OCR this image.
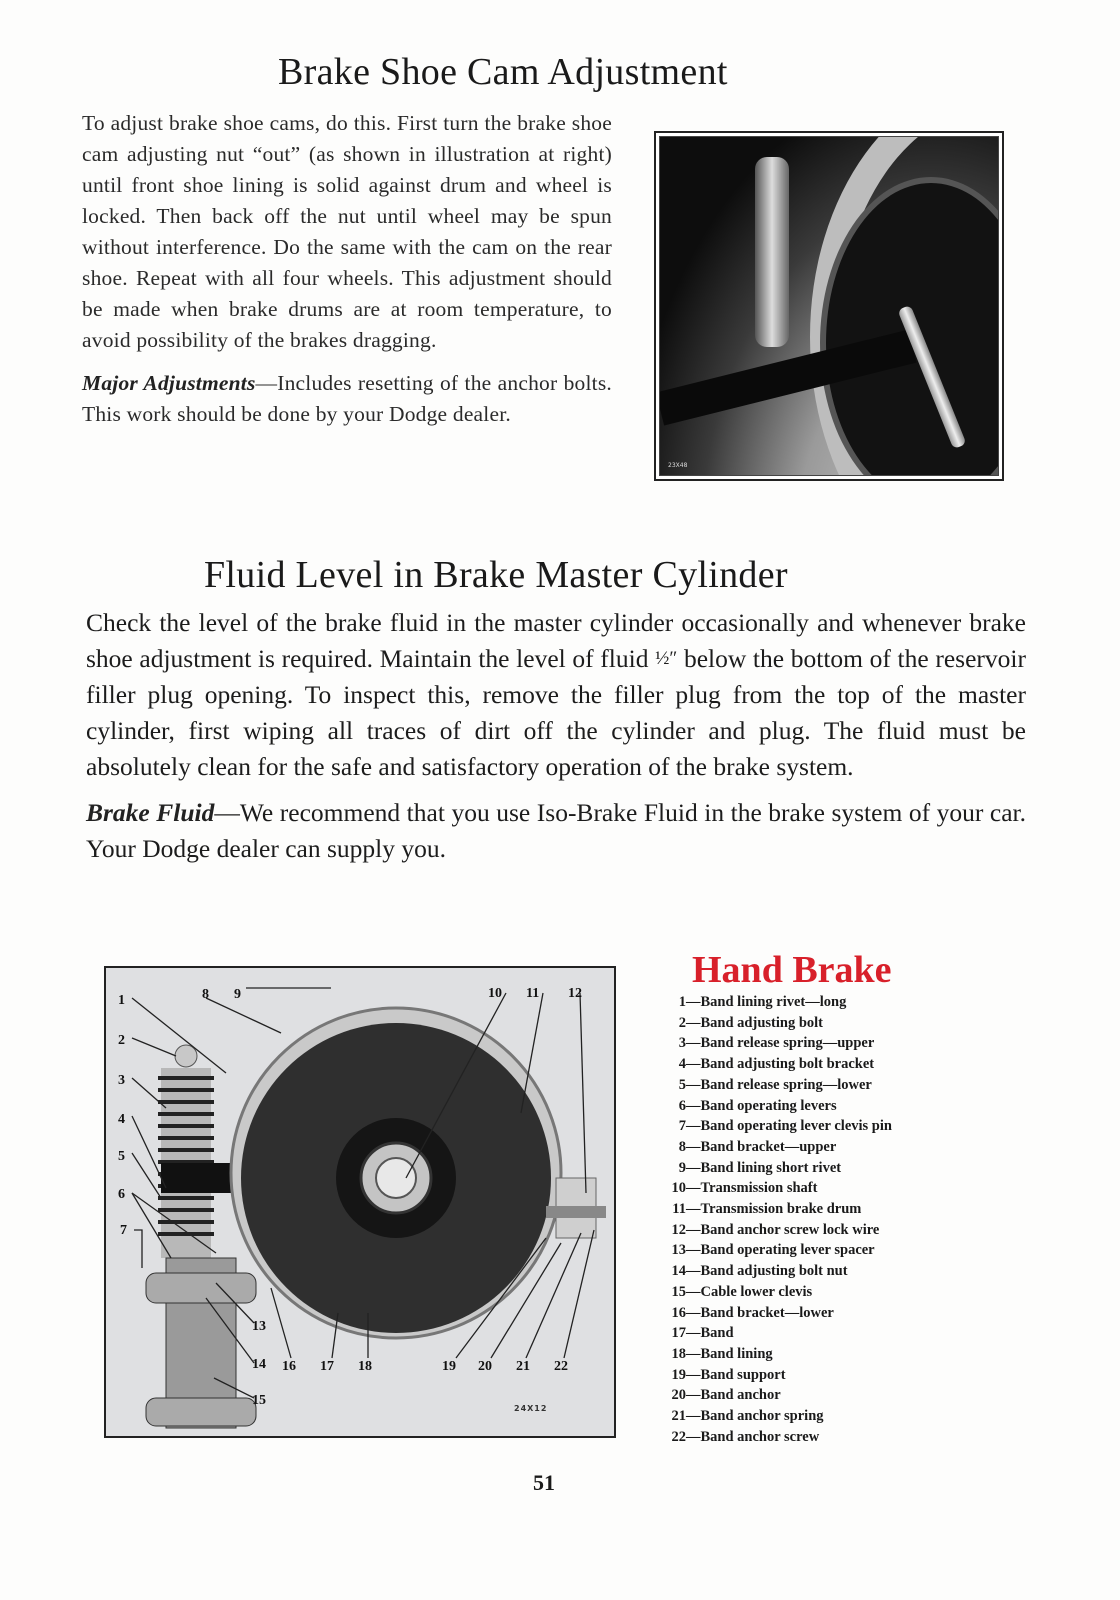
Brake Shoe Cam Adjustment

To adjust brake shoe cams, do this. First turn the brake shoe cam adjusting nut “out” (as shown in illustration at right) until front shoe lining is solid against drum and wheel is locked. Then back off the nut until wheel may be spun without interference. Do the same with the cam on the rear shoe. Repeat with all four wheels. This adjustment should be made when brake drums are at room temperature, to avoid possibility of the brakes dragging.

Major Adjustments—Includes resetting of the anchor bolts. This work should be done by your Dodge dealer.

23X48
Fluid Level in Brake Master Cylinder

Check the level of the brake fluid in the master cylinder occasionally and whenever brake shoe adjustment is required. Maintain the level of fluid ½″ below the bottom of the reservoir filler plug opening. To inspect this, remove the filler plug from the top of the master cylinder, first wiping all traces of dirt off the cylinder and plug. The fluid must be absolutely clean for the safe and satisfactory operation of the brake system.

Brake Fluid—We recommend that you use Iso-Brake Fluid in the brake system of your car. Your Dodge dealer can supply you.

1
2
3
4
5
6
7
8 9	10 11 12
13
14
15
16 17 18	19 20 21 22
24X12
Hand Brake
1—Band lining rivet—long
2—Band adjusting bolt
3—Band release spring—upper
4—Band adjusting bolt bracket
5—Band release spring—lower
6—Band operating levers
7—Band operating lever clevis pin
8—Band bracket—upper
9—Band lining short rivet
10—Transmission shaft
11—Transmission brake drum
12—Band anchor screw lock wire
13—Band operating lever spacer
14—Band adjusting bolt nut
15—Cable lower clevis
16—Band bracket—lower
17—Band
18—Band lining
19—Band support
20—Band anchor
21—Band anchor spring
22—Band anchor screw
51
